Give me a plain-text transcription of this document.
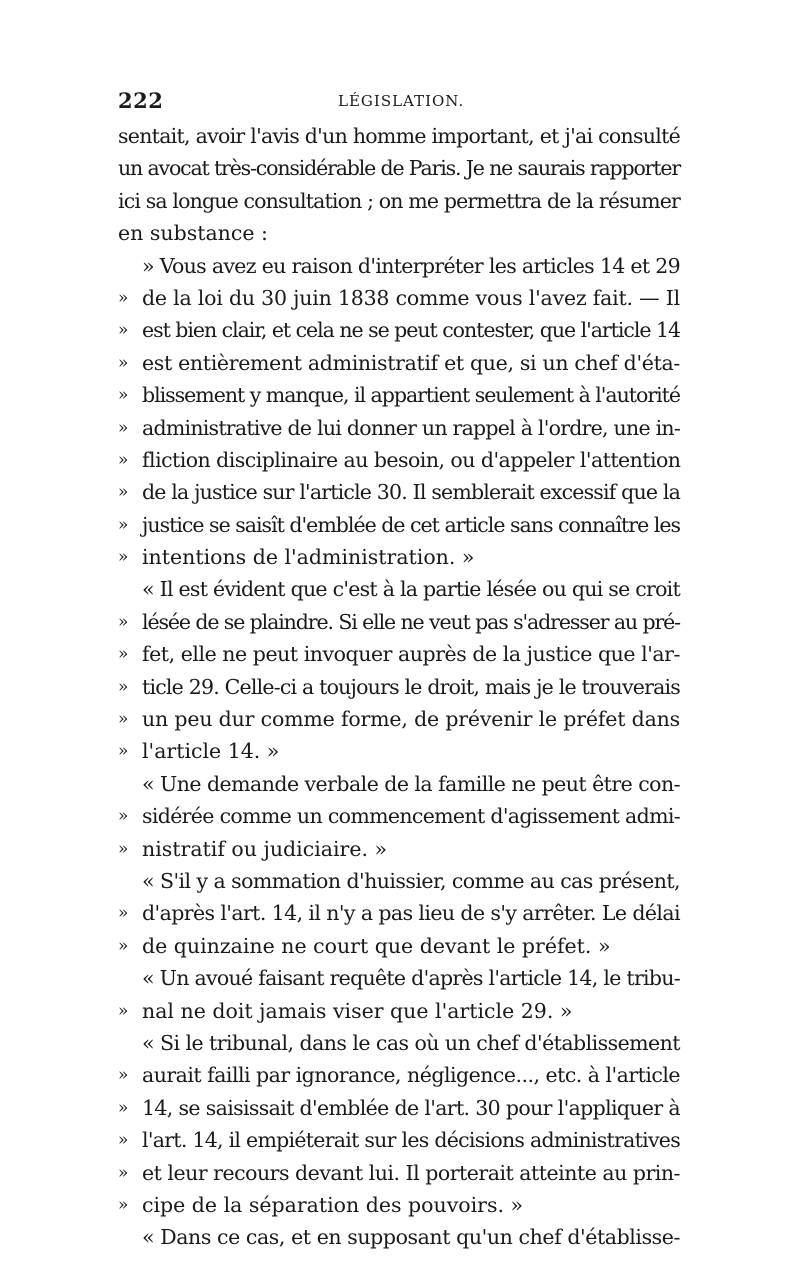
222	LÉGISLATION.
sentait, avoir l'avis d'un homme important, et j'ai consulté
un avocat très-considérable de Paris. Je ne saurais rapporter
ici sa longue consultation ; on me permettra de la résumer
en substance :
» Vous avez eu raison d'interpréter les articles 14 et 29
» de la loi du 30 juin 1838 comme vous l'avez fait. — Il
» est bien clair, et cela ne se peut contester, que l'article 14
» est entièrement administratif et que, si un chef d'éta-
» blissement y manque, il appartient seulement à l'autorité
» administrative de lui donner un rappel à l'ordre, une in-
» fliction disciplinaire au besoin, ou d'appeler l'attention
» de la justice sur l'article 30. Il semblerait excessif que la
» justice se saisît d'emblée de cet article sans connaître les
» intentions de l'administration. »
« Il est évident que c'est à la partie lésée ou qui se croit
» lésée de se plaindre. Si elle ne veut pas s'adresser au pré-
» fet, elle ne peut invoquer auprès de la justice que l'ar-
» ticle 29. Celle-ci a toujours le droit, mais je le trouverais
» un peu dur comme forme, de prévenir le préfet dans
» l'article 14. »
« Une demande verbale de la famille ne peut être con-
» sidérée comme un commencement d'agissement admi-
» nistratif ou judiciaire. »
« S'il y a sommation d'huissier, comme au cas présent,
» d'après l'art. 14, il n'y a pas lieu de s'y arrêter. Le délai
» de quinzaine ne court que devant le préfet. »
« Un avoué faisant requête d'après l'article 14, le tribu-
» nal ne doit jamais viser que l'article 29. »
« Si le tribunal, dans le cas où un chef d'établissement
» aurait failli par ignorance, négligence..., etc. à l'article
» 14, se saisissait d'emblée de l'art. 30 pour l'appliquer à
» l'art. 14, il empiéterait sur les décisions administratives
» et leur recours devant lui. Il porterait atteinte au prin-
» cipe de la séparation des pouvoirs. »
« Dans ce cas, et en supposant qu'un chef d'établisse-
